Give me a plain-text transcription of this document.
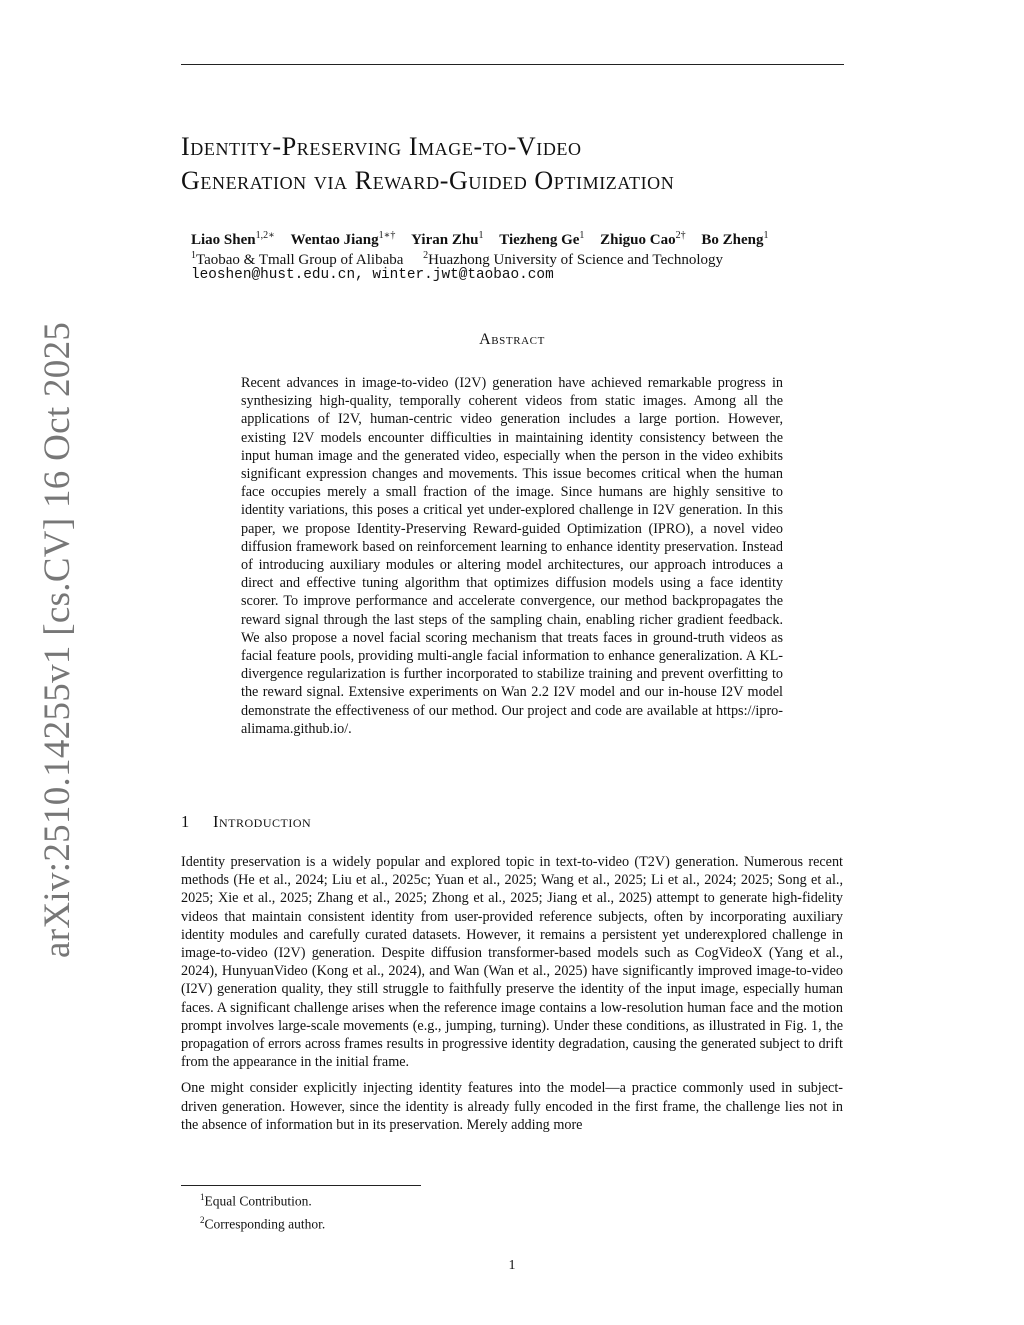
arXiv:2510.14255v1 [cs.CV] 16 Oct 2025
Identity-Preserving Image-to-Video
Generation via Reward-Guided Optimization
Liao Shen$^{1,2∗}$ Wentao Jiang$^{1∗\dagger}$ Yiran Zhu$^1$ Tiezheng Ge$^1$ Zhiguo Cao$^{2\dagger}$ Bo Zheng$^1$
$^1$Taobao & Tmall Group of Alibaba $^2$Huazhong University of Science and Technology
leoshen@hust.edu.cn, winter.jwt@taobao.com
Abstract
Recent advances in image-to-video (I2V) generation have achieved remarkable progress in synthesizing high-quality, temporally coherent videos from static images. Among all the applications of I2V, human-centric video generation includes a large portion. However, existing I2V models encounter difficulties in maintaining identity consistency between the input human image and the generated video, especially when the person in the video exhibits significant expression changes and movements. This issue becomes critical when the human face occupies merely a small fraction of the image. Since humans are highly sensitive to identity variations, this poses a critical yet under-explored challenge in I2V generation. In this paper, we propose Identity-Preserving Reward-guided Optimization (IPRO), a novel video diffusion framework based on reinforcement learning to enhance identity preservation. Instead of introducing auxiliary modules or altering model architectures, our approach introduces a direct and effective tuning algorithm that optimizes diffusion models using a face identity scorer. To improve performance and accelerate convergence, our method backpropagates the reward signal through the last steps of the sampling chain, enabling richer gradient feedback. We also propose a novel facial scoring mechanism that treats faces in ground-truth videos as facial feature pools, providing multi-angle facial information to enhance generalization. A KL-divergence regularization is further incorporated to stabilize training and prevent overfitting to the reward signal. Extensive experiments on Wan 2.2 I2V model and our in-house I2V model demonstrate the effectiveness of our method. Our project and code are available at https://ipro-alimama.github.io/.
1 Introduction

Identity preservation is a widely popular and explored topic in text-to-video (T2V) generation. Numerous recent methods (He et al., 2024; Liu et al., 2025c; Yuan et al., 2025; Wang et al., 2025; Li et al., 2024; 2025; Song et al., 2025; Xie et al., 2025; Zhang et al., 2025; Zhong et al., 2025; Jiang et al., 2025) attempt to generate high-fidelity videos that maintain consistent identity from user-provided reference subjects, often by incorporating auxiliary identity modules and carefully curated datasets. However, it remains a persistent yet underexplored challenge in image-to-video (I2V) generation. Despite diffusion transformer-based models such as CogVideoX (Yang et al., 2024), HunyuanVideo (Kong et al., 2024), and Wan (Wan et al., 2025) have significantly improved image-to-video (I2V) generation quality, they still struggle to faithfully preserve the identity of the input image, especially human faces. A significant challenge arises when the reference image contains a low-resolution human face and the motion prompt involves large-scale movements (e.g., jumping, turning). Under these conditions, as illustrated in Fig. 1, the propagation of errors across frames results in progressive identity degradation, causing the generated subject to drift from the appearance in the initial frame.

One might consider explicitly injecting identity features into the model—a practice commonly used in subject-driven generation. However, since the identity is already fully encoded in the first frame, the challenge lies not in the absence of information but in its preservation. Merely adding more

$^1$Equal Contribution.
$^2$Corresponding author.
1
